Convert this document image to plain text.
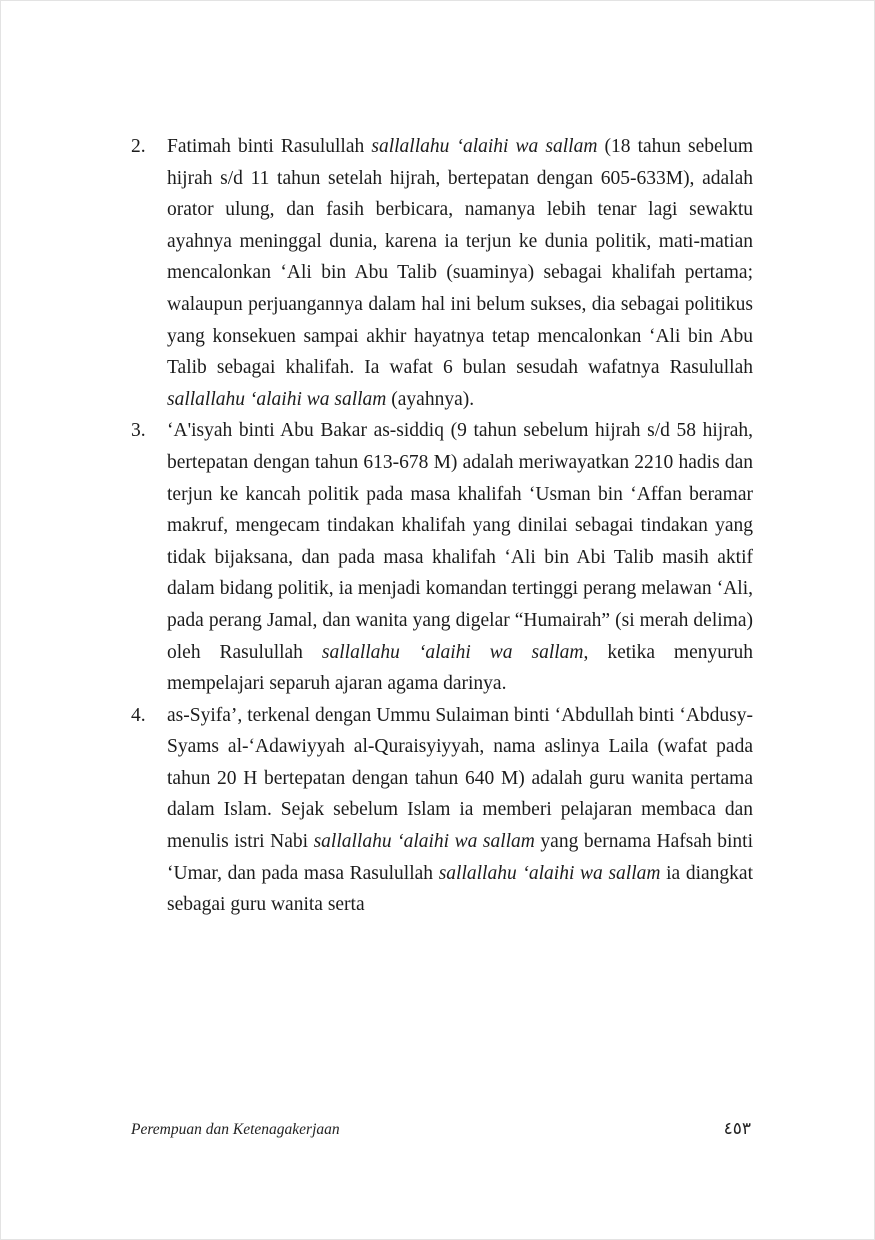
2.	Fatimah binti Rasulullah sallallahu ‘alaihi wa sallam (18 tahun sebelum hijrah s/d 11 tahun setelah hijrah, bertepatan dengan 605-633M), adalah orator ulung, dan fasih berbicara, namanya lebih tenar lagi sewaktu ayahnya meninggal dunia, karena ia terjun ke dunia politik, mati-matian mencalonkan ‘Ali bin Abu Talib (suaminya) sebagai khalifah pertama; walaupun perjuangannya dalam hal ini belum sukses, dia sebagai politikus yang konsekuen sampai akhir hayatnya tetap mencalonkan ‘Ali bin Abu Talib sebagai khalifah. Ia wafat 6 bulan sesudah wafatnya Rasulullah sallallahu ‘alaihi wa sallam (ayahnya).
3.	‘A'isyah binti Abu Bakar as-siddiq (9 tahun sebelum hijrah s/d 58 hijrah, bertepatan dengan tahun 613-678 M) adalah meriwayatkan 2210 hadis dan terjun ke kancah politik pada masa khalifah ‘Usman bin ‘Affan beramar makruf, mengecam tindakan khalifah yang dinilai sebagai tindakan yang tidak bijaksana, dan pada masa khalifah ‘Ali bin Abi Talib masih aktif dalam bidang politik, ia menjadi komandan tertinggi perang melawan ‘Ali, pada perang Jamal, dan wanita yang digelar “Humairah” (si merah delima) oleh Rasulullah sallallahu ‘alaihi wa sallam, ketika menyuruh mempelajari separuh ajaran agama darinya.
4.	as-Syifa’, terkenal dengan Ummu Sulaiman binti ‘Abdullah binti ‘Abdusy-Syams al-‘Adawiyyah al-Quraisyiyyah, nama aslinya Laila (wafat pada tahun 20 H bertepatan dengan tahun 640 M) adalah guru wanita pertama dalam Islam. Sejak sebelum Islam ia memberi pelajaran membaca dan menulis istri Nabi sallallahu ‘alaihi wa sallam yang bernama Hafsah binti ‘Umar, dan pada masa Rasulullah sallallahu ‘alaihi wa sallam ia diangkat sebagai guru wanita serta
Perempuan dan Ketenagakerjaan	٤٥٣
